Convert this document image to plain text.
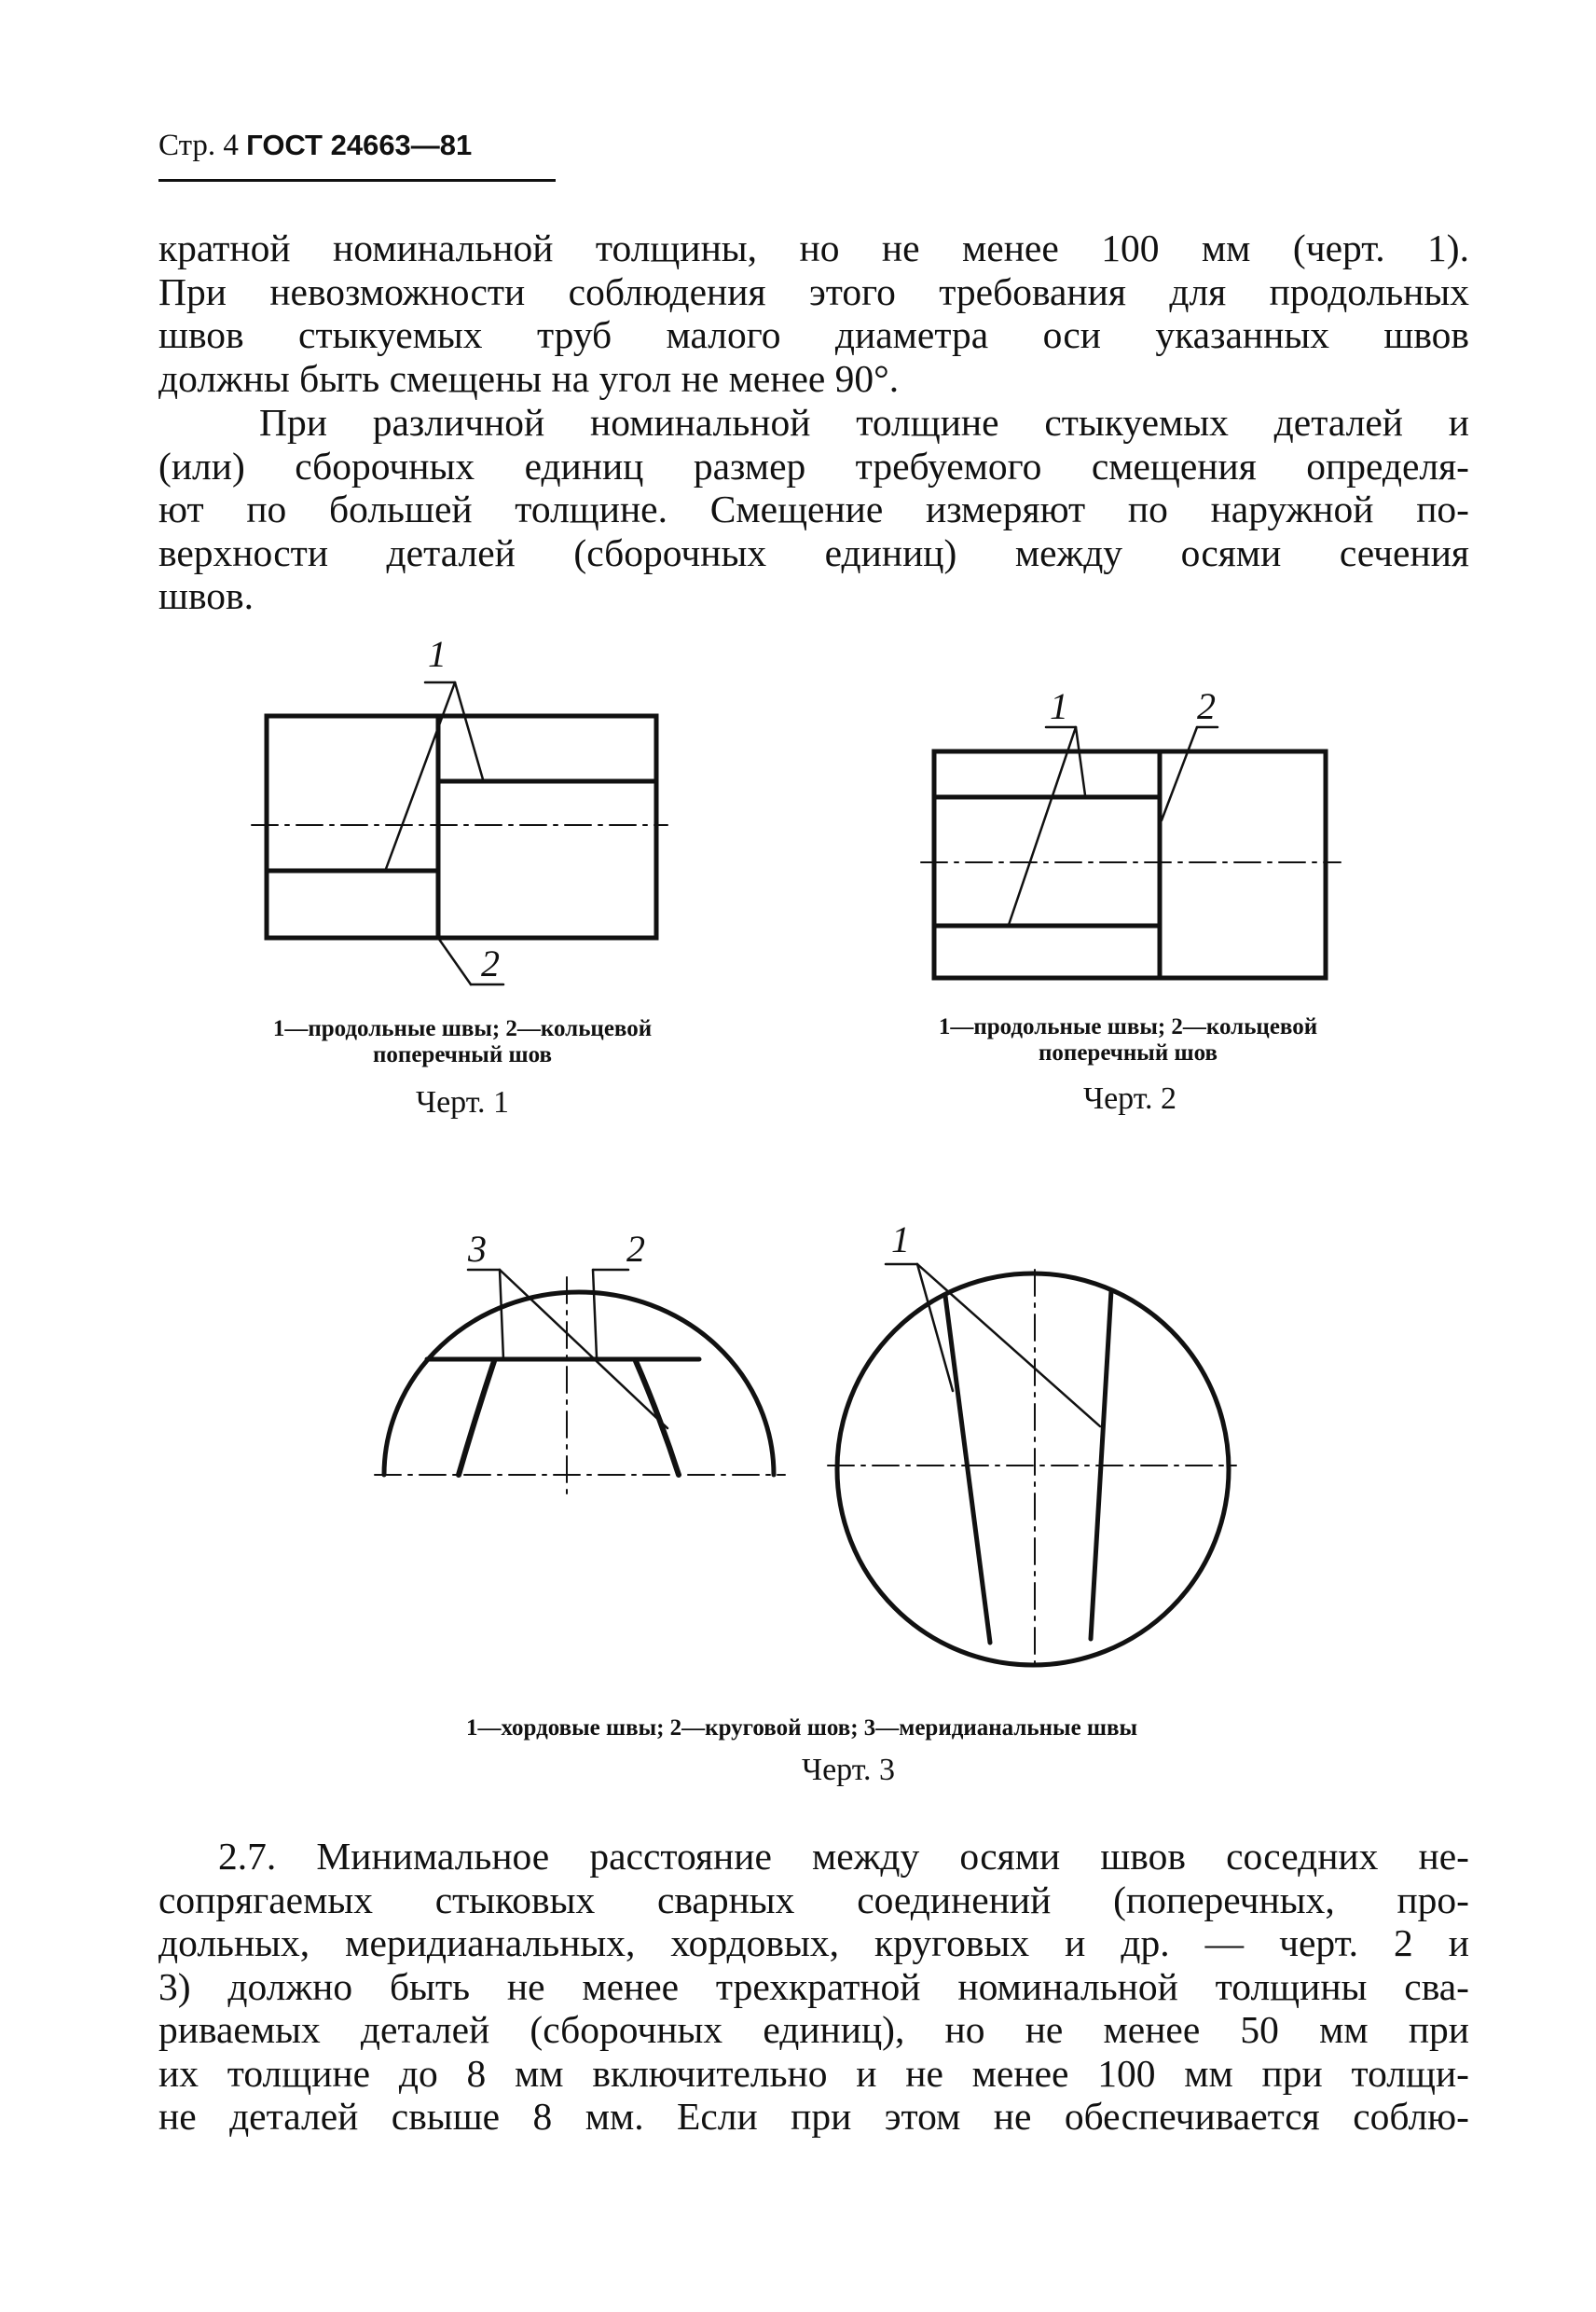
Стр. 4 ГОСТ 24663—81
кратной номинальной толщины, но не менее 100 мм (черт. 1).
При невозможности соблюдения этого требования для продольных
швов стыкуемых труб малого диаметра оси указанных швов
должны быть смещены на угол не менее 90°.
При различной номинальной толщине стыкуемых деталей и
(или) сборочных единиц размер требуемого смещения определя-
ют по большей толщине. Смещение измеряют по наружной по-
верхности деталей (сборочных единиц) между осями сечения
швов.
1
2
1—продольные швы; 2—кольцевой
поперечный шов
Черт. 1
1	2
1—продольные швы; 2—кольцевой
поперечный шов
Черт. 2
3	2	1
1—хордовые швы; 2—круговой шов; 3—меридианальные швы
Черт. 3
2.7. Минимальное расстояние между осями швов соседних не-
сопрягаемых стыковых сварных соединений (поперечных, про-
дольных, меридианальных, хордовых, круговых и др. — черт. 2 и
3) должно быть не менее трехкратной номинальной толщины сва-
риваемых деталей (сборочных единиц), но не менее 50 мм при
их толщине до 8 мм включительно и не менее 100 мм при толщи-
не деталей свыше 8 мм. Если при этом не обеспечивается соблю-
